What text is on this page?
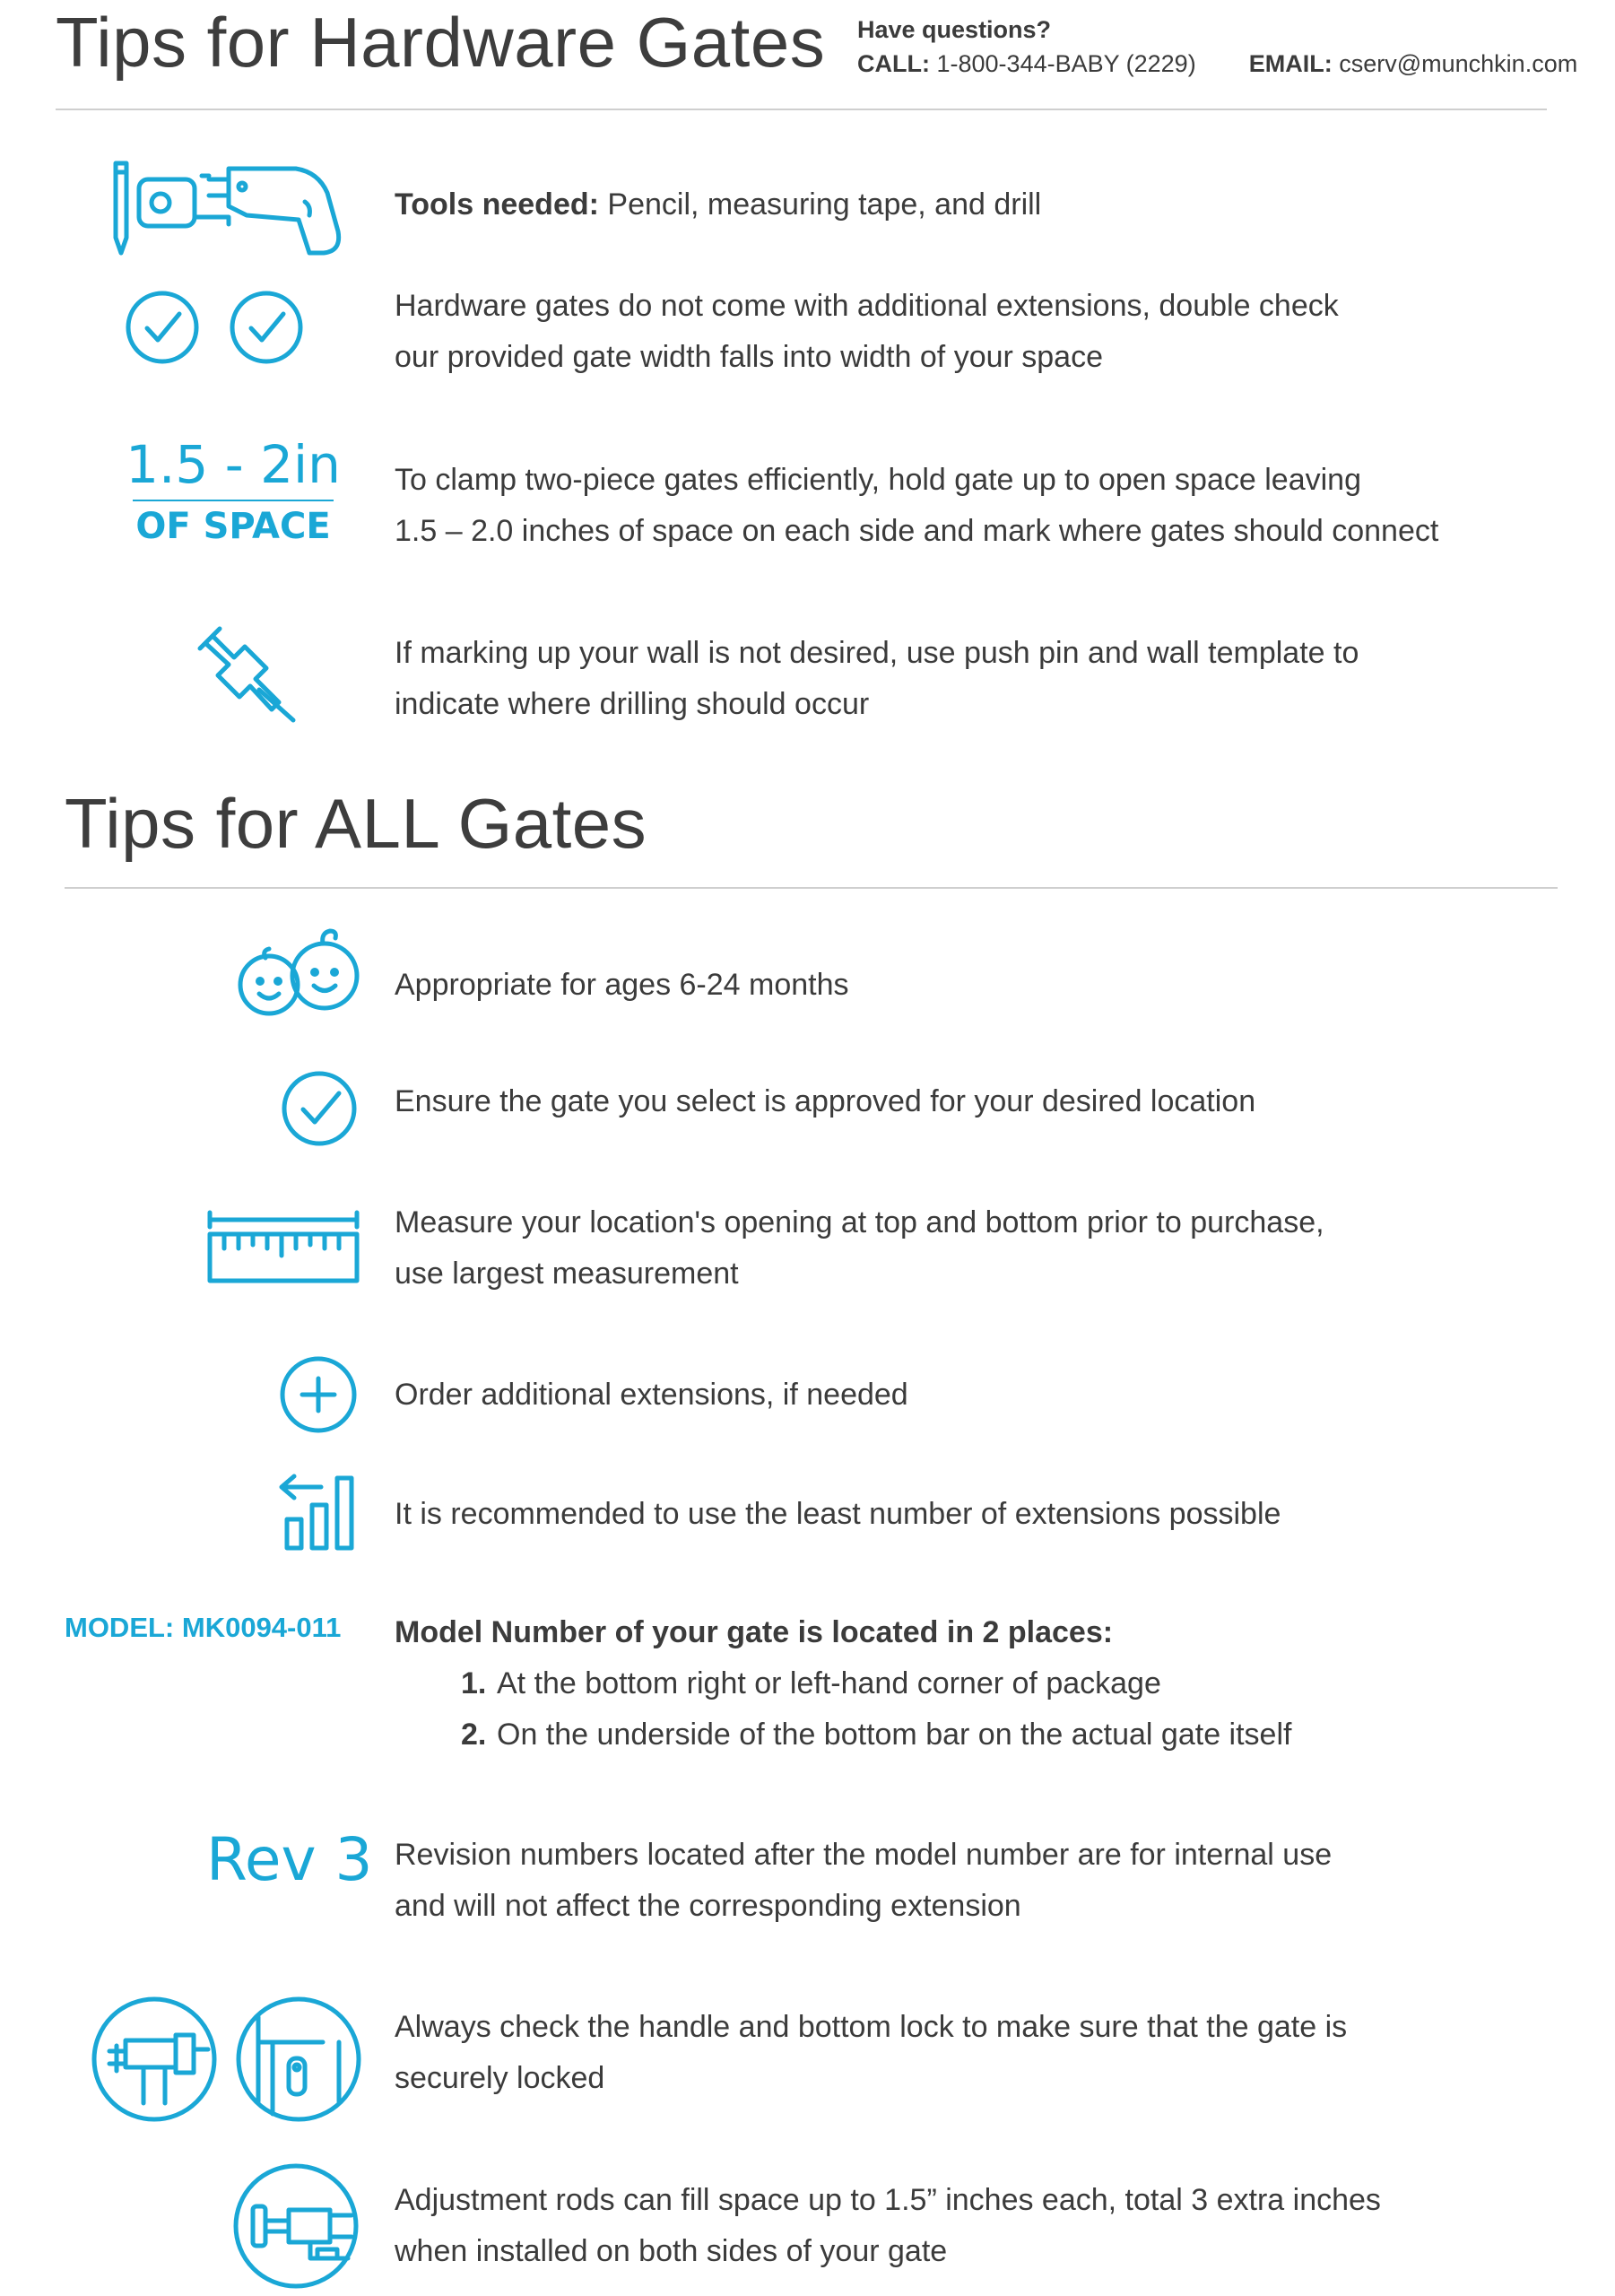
Tips for Hardware Gates Have questions?
CALL: 1-800-344-BABY (2229) EMAIL: cserv@munchkin.com
Tools needed: Pencil, measuring tape, and drill
Hardware gates do not come with additional extensions, double check
our provided gate width falls into width of your space
1.5 - 2in
OF SPACE
To clamp two-piece gates efficiently, hold gate up to open space leaving
1.5 – 2.0 inches of space on each side and mark where gates should connect
If marking up your wall is not desired, use push pin and wall template to
indicate where drilling should occur
Tips for ALL Gates
Appropriate for ages 6-24 months
Ensure the gate you select is approved for your desired location
Measure your location's opening at top and bottom prior to purchase,
use largest measurement
Order additional extensions, if needed
It is recommended to use the least number of extensions possible
MODEL: MK0094-011 Model Number of your gate is located in 2 places:
1. At the bottom right or left-hand corner of package
2. On the underside of the bottom bar on the actual gate itself
Rev 3 Revision numbers located after the model number are for internal use
and will not affect the corresponding extension
Always check the handle and bottom lock to make sure that the gate is
securely locked
Adjustment rods can fill space up to 1.5” inches each, total 3 extra inches
when installed on both sides of your gate
